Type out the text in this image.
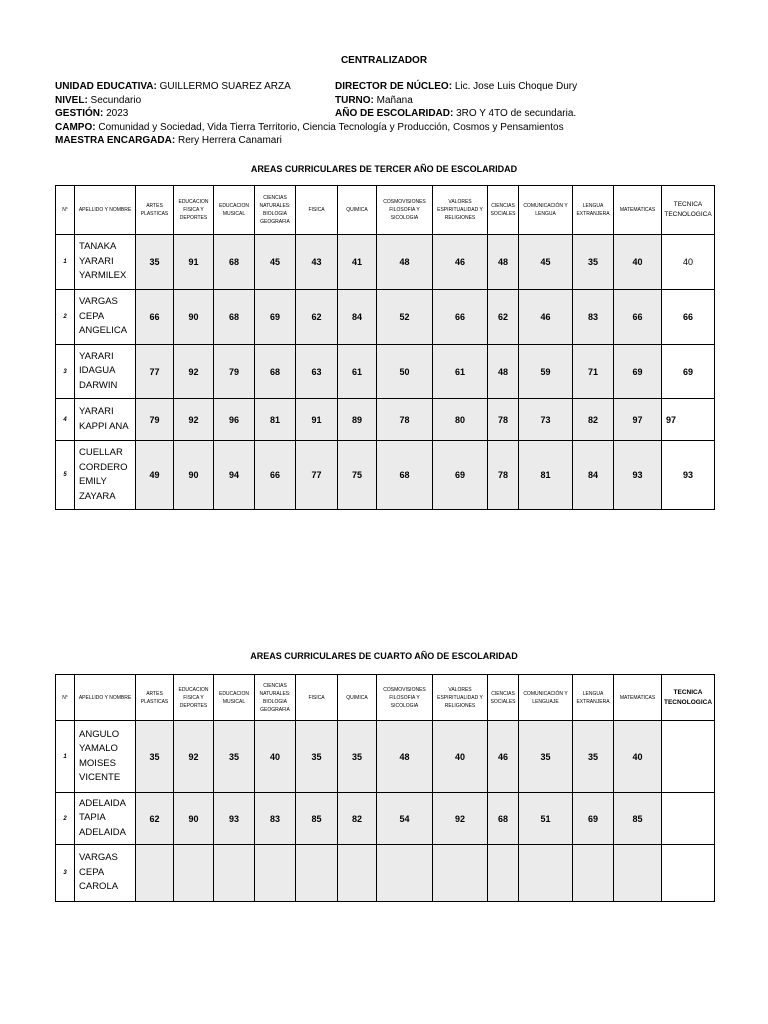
CENTRALIZADOR
UNIDAD EDUCATIVA: GUILLERMO SUAREZ ARZA	DIRECTOR DE NÚCLEO: Lic. Jose Luis Choque Dury
NIVEL: Secundario	TURNO: Mañana
GESTIÓN: 2023	AÑO DE ESCOLARIDAD: 3RO Y 4TO de secundaria.
CAMPO: Comunidad y Sociedad, Vida Tierra Territorio, Ciencia Tecnología y Producción, Cosmos y Pensamientos
MAESTRA ENCARGADA: Rery Herrera Canamari
AREAS CURRICULARES DE TERCER AÑO DE ESCOLARIDAD
N°	APELLIDO Y NOMBRE	ARTES PLASTICAS	EDUCACION FISICA Y DEPORTES	EDUCACION MUSICAL	CIENCIAS NATURALES: BIOLOGIA GEOGRAFIA	FISICA	QUIMICA	COSMOVISIONES FILOSOFIA Y SICOLOGIA	VALORES ESPIRITUALIDAD Y RELIGIONES	CIENCIAS SOCIALES	COMUNICACIÓN Y LENGUA	LENGUA EXTRANJERA	MATEMATICAS	TECNICA TECNOLOGICA
1	TANAKA YARARI YARMILEX	35	91	68	45	43	41	48	46	48	45	35	40	40
2	VARGAS CEPA ANGELICA	66	90	68	69	62	84	52	66	62	46	83	66	66
3	YARARI IDAGUA DARWIN	77	92	79	68	63	61	50	61	48	59	71	69	69
4	YARARI KAPPI ANA	79	92	96	81	91	89	78	80	78	73	82	97	97
5	CUELLAR CORDERO EMILY ZAYARA	49	90	94	66	77	75	68	69	78	81	84	93	93
AREAS CURRICULARES DE CUARTO AÑO DE ESCOLARIDAD
N°	APELLIDO Y NOMBRE	ARTES PLASTICAS	EDUCACION FISICA Y DEPORTES	EDUCACION MUSICAL	CIENCIAS NATURALES: BIOLOGIA GEOGRAFIA	FISICA	QUIMICA	COSMOVISIONES FILOSOFIA Y SICOLOGIA	VALORES ESPIRITUALIDAD Y RELIGIONES	CIENCIAS SOCIALES	COMUNICACIÓN Y LENGUAJE	LENGUA EXTRANJERA	MATEMATICAS	TECNICA TECNOLOGICA
1	ANGULO YAMALO MOISES VICENTE	35	92	35	40	35	35	48	40	46	35	35	40	
2	ADELAIDA TAPIA ADELAIDA	62	90	93	83	85	82	54	92	68	51	69	85	
3	VARGAS CEPA CAROLA													
